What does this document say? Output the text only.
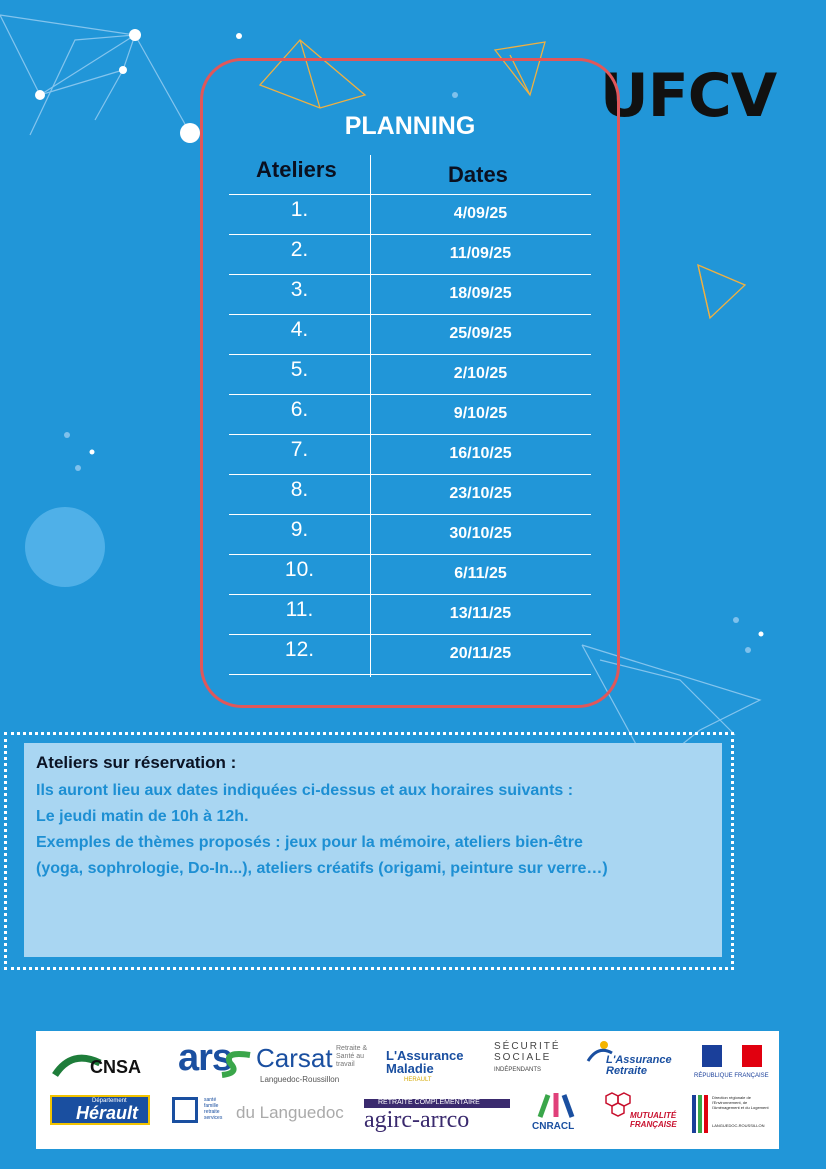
UFCV
PLANNING
Ateliers	Dates
1.	4/09/25
2.	11/09/25
3.	18/09/25
4.	25/09/25
5.	2/10/25
6.	9/10/25
7.	16/10/25
8.	23/10/25
9.	30/10/25
10.	6/11/25
11.	13/11/25
12.	20/11/25
Ateliers sur réservation :
Ils auront lieu aux dates indiquées ci-dessus et aux horaires suivants :
Le jeudi matin de 10h à 12h.
Exemples de thèmes proposés : jeux pour la mémoire, ateliers bien-être
(yoga, sophrologie, Do-In...), ateliers créatifs (origami, peinture sur verre…)
CNSA ars Carsat Retraite & Santé au travail
Languedoc-Roussillon
L'Assurance Maladie
HERAULT
SÉCURITÉ SOCIALE
INDÉPENDANTS
L'Assurance Retraite	RÉPUBLIQUE FRANÇAISE
Département
Hérault
santé famille retraite services du Languedoc
RETRAITE COMPLÉMENTAIRE
agirc-arrco	CNRACL
MUTUALITÉ FRANÇAISE
Direction régionale de l'Environnement, de l'Aménagement et du Logement
LANGUEDOC-ROUSSILLON
